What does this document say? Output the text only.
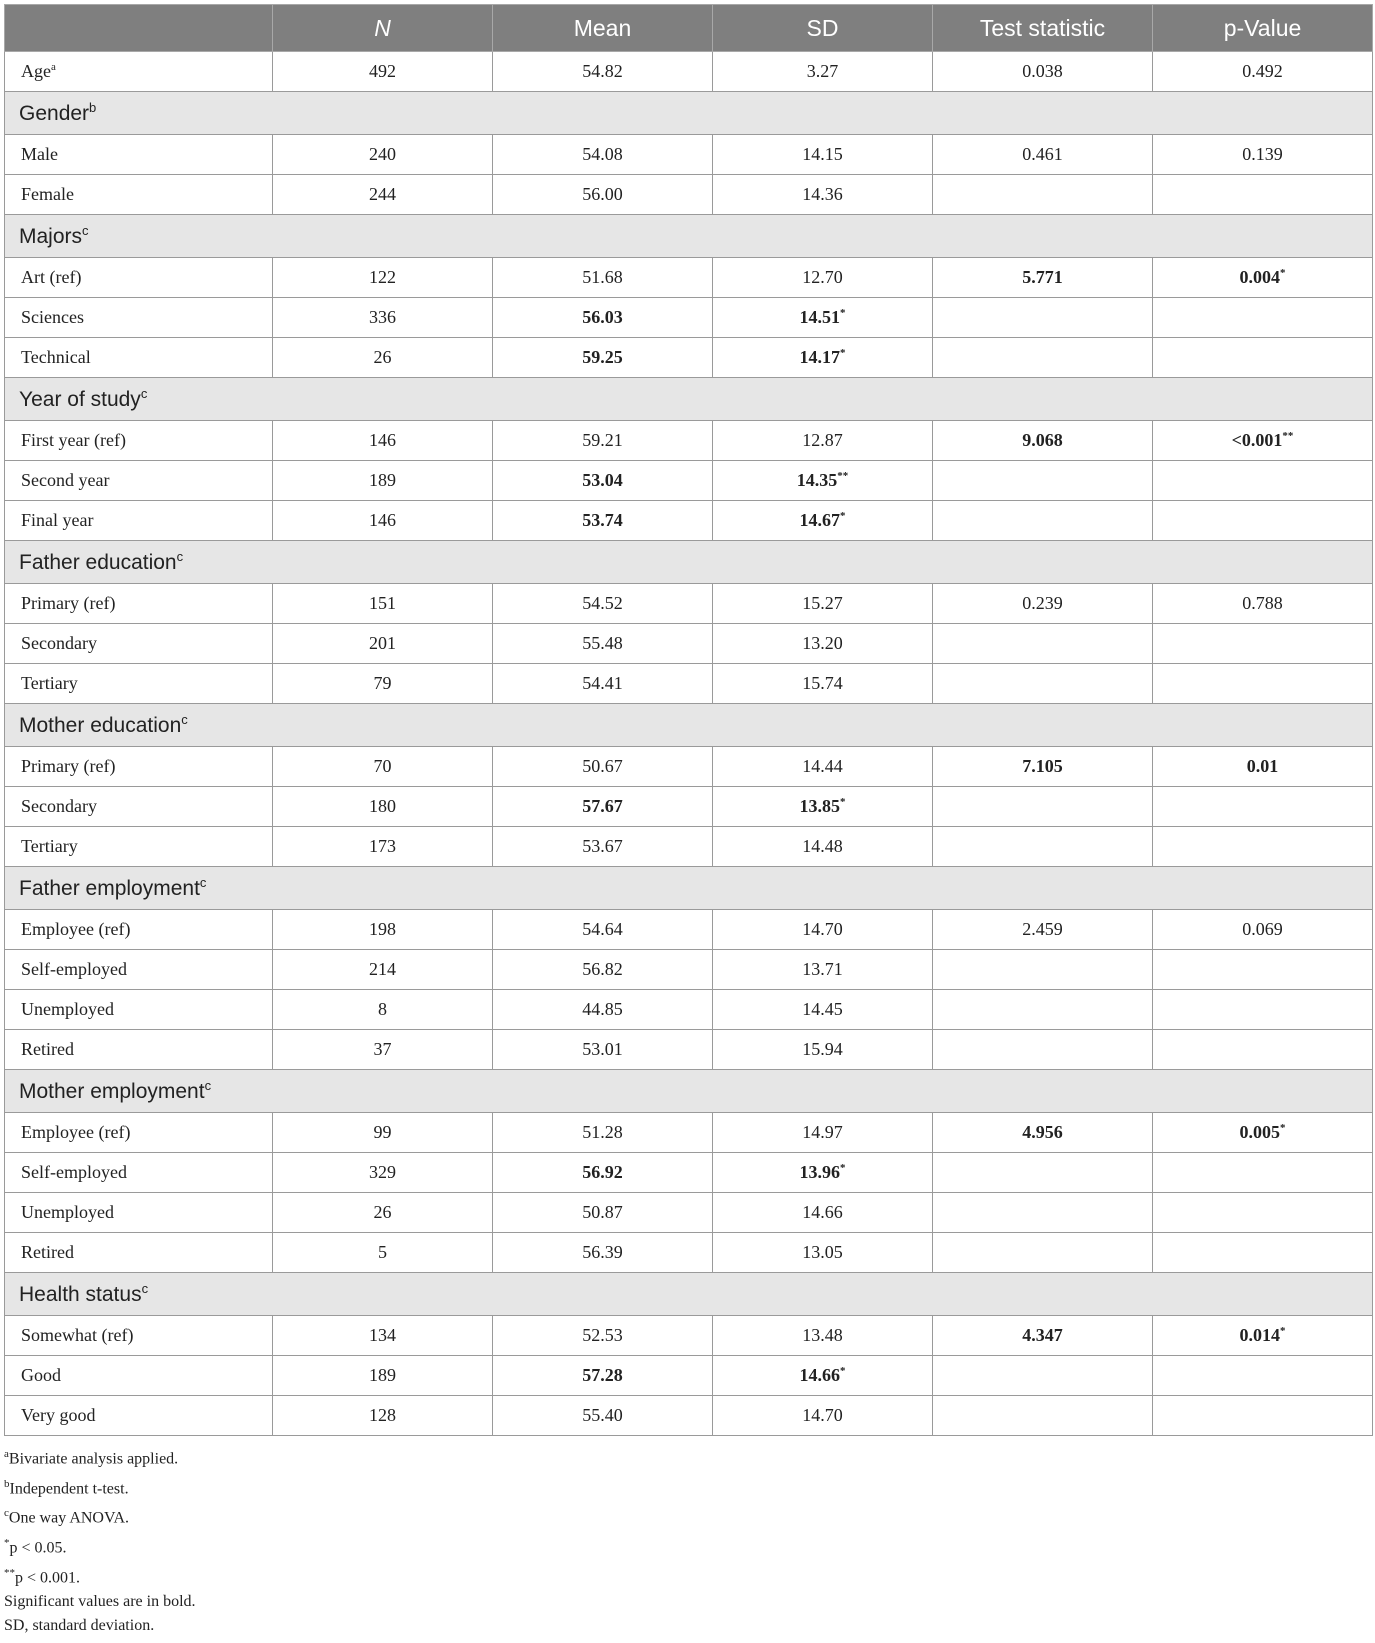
	N	Mean	SD	Test statistic	p-Value
Age$^a$	492	54.82	3.27	0.038	0.492
Gender$^b$
Male	240	54.08	14.15	0.461	0.139
Female	244	56.00	14.36		
Majors$^c$
Art (ref)	122	51.68	12.70	5.771	0.004*
Sciences	336	56.03	14.51*		
Technical	26	59.25	14.17*		
Year of study$^c$
First year (ref)	146	59.21	12.87	9.068	<0.001**
Second year	189	53.04	14.35**		
Final year	146	53.74	14.67*		
Father education$^c$
Primary (ref)	151	54.52	15.27	0.239	0.788
Secondary	201	55.48	13.20		
Tertiary	79	54.41	15.74		
Mother education$^c$
Primary (ref)	70	50.67	14.44	7.105	0.01
Secondary	180	57.67	13.85*		
Tertiary	173	53.67	14.48		
Father employment$^c$
Employee (ref)	198	54.64	14.70	2.459	0.069
Self-employed	214	56.82	13.71		
Unemployed	8	44.85	14.45		
Retired	37	53.01	15.94		
Mother employment$^c$
Employee (ref)	99	51.28	14.97	4.956	0.005*
Self-employed	329	56.92	13.96*		
Unemployed	26	50.87	14.66		
Retired	5	56.39	13.05		
Health status$^c$
Somewhat (ref)	134	52.53	13.48	4.347	0.014*
Good	189	57.28	14.66*		
Very good	128	55.40	14.70		
$^a$Bivariate analysis applied.
$^b$Independent t-test.
$^c$One way ANOVA.
*p < 0.05.
**p < 0.001.
Significant values are in bold.
SD, standard deviation.
